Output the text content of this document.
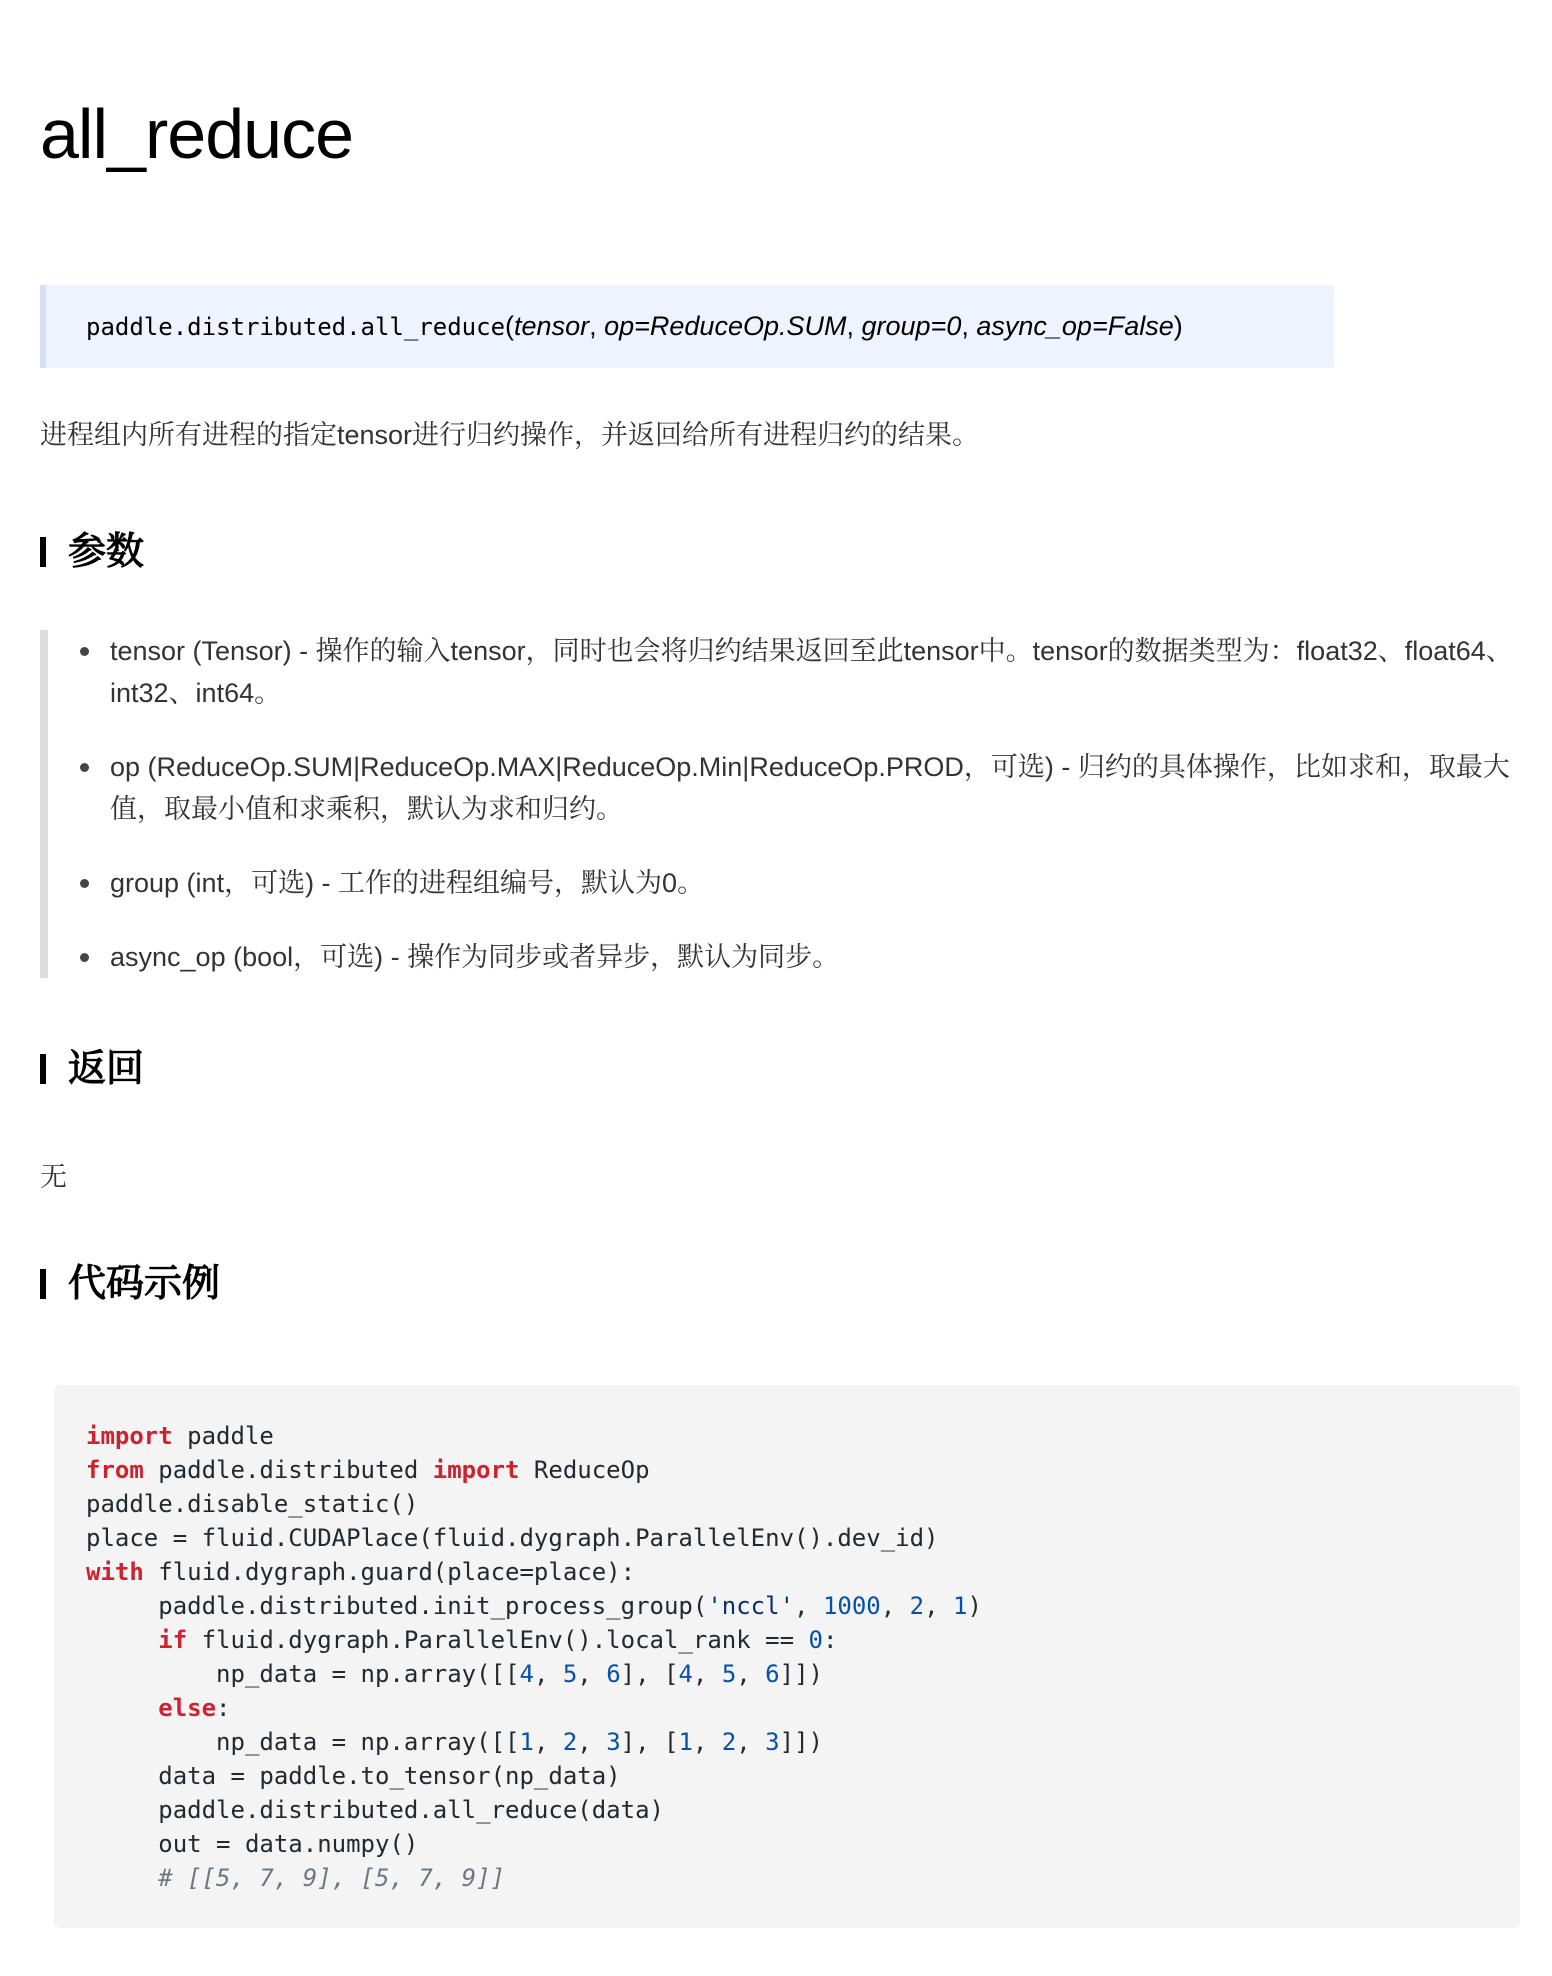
all_reduce
paddle.distributed.all_reduce ( tensor, op=ReduceOp.SUM, group=0, async_op=False )

进程组内所有进程的指定tensor进行归约操作，并返回给所有进程归约的结果。

参数
tensor (Tensor) - 操作的输入tensor，同时也会将归约结果返回至此tensor中。tensor的数据类型为：float32、float64、int32、int64。
op (ReduceOp.SUM|ReduceOp.MAX|ReduceOp.Min|ReduceOp.PROD，可选) - 归约的具体操作，比如求和，取最大值，取最小值和求乘积，默认为求和归约。
group (int，可选) - 工作的进程组编号，默认为0。
async_op (bool，可选) - 操作为同步或者异步，默认为同步。
返回

无

代码示例
import paddle
from paddle.distributed import ReduceOp
paddle.disable_static()
place = fluid.CUDAPlace(fluid.dygraph.ParallelEnv().dev_id)
with fluid.dygraph.guard(place=place):
paddle.distributed.init_process_group('nccl', 1000, 2, 1)
if fluid.dygraph.ParallelEnv().local_rank == 0:
np_data = np.array([[4, 5, 6], [4, 5, 6]])
else:
np_data = np.array([[1, 2, 3], [1, 2, 3]])
data = paddle.to_tensor(np_data)
paddle.distributed.all_reduce(data)
out = data.numpy()
# [[5, 7, 9], [5, 7, 9]]
